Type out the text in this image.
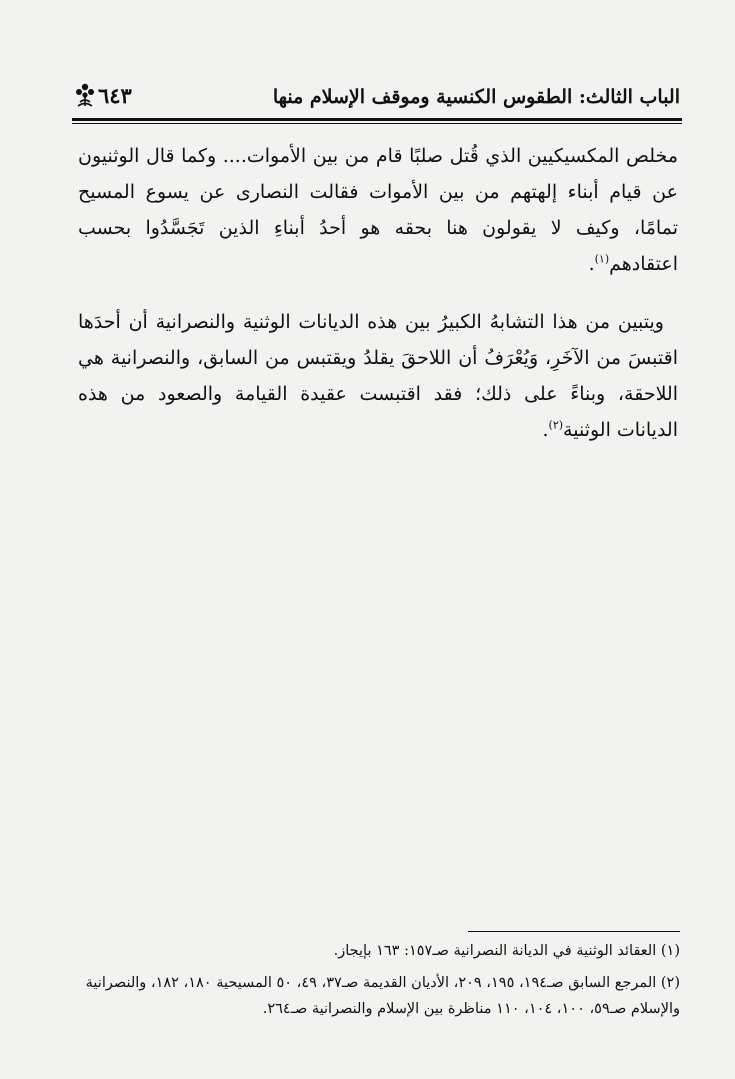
الباب الثالث: الطقوس الكنسية وموقف الإسلام منها
٦٤٣

مخلص المكسيكيين الذي قُتل صلبًا قام من بين الأموات.... وكما قال الوثنيون عن قيام أبناء إلهتهم من بين الأموات فقالت النصارى عن يسوع المسيح تمامًا، وكيف لا يقولون هنا بحقه هو أحدُ أبناءِ الذين تَجَسَّدُوا بحسب اعتقادهم$^{(١)}$.

ويتبين من هذا التشابهُ الكبيرُ بين هذه الديانات الوثنية والنصرانية أن أحدَها اقتبسَ من الآخَرِ، وَيُعْرَفُ أن اللاحقَ يقلدُ ويقتبس من السابق، والنصرانية هي اللاحقة، وبناءً على ذلك؛ فقد اقتبست عقيدة القيامة والصعود من هذه الديانات الوثنية$^{(٢)}$.

(١) العقائد الوثنية في الديانة النصرانية صـ١٥٧: ١٦٣ بإيجاز.
(٢) المرجع السابق صـ١٩٤، ١٩٥، ٢٠٩، الأديان القديمة صـ٣٧، ٤٩، ٥٠ المسيحية ١٨٠، ١٨٢، والنصرانية والإسلام صـ٥٩، ١٠٠، ١٠٤، ١١٠ مناظرة بين الإسلام والنصرانية صـ٢٦٤.
